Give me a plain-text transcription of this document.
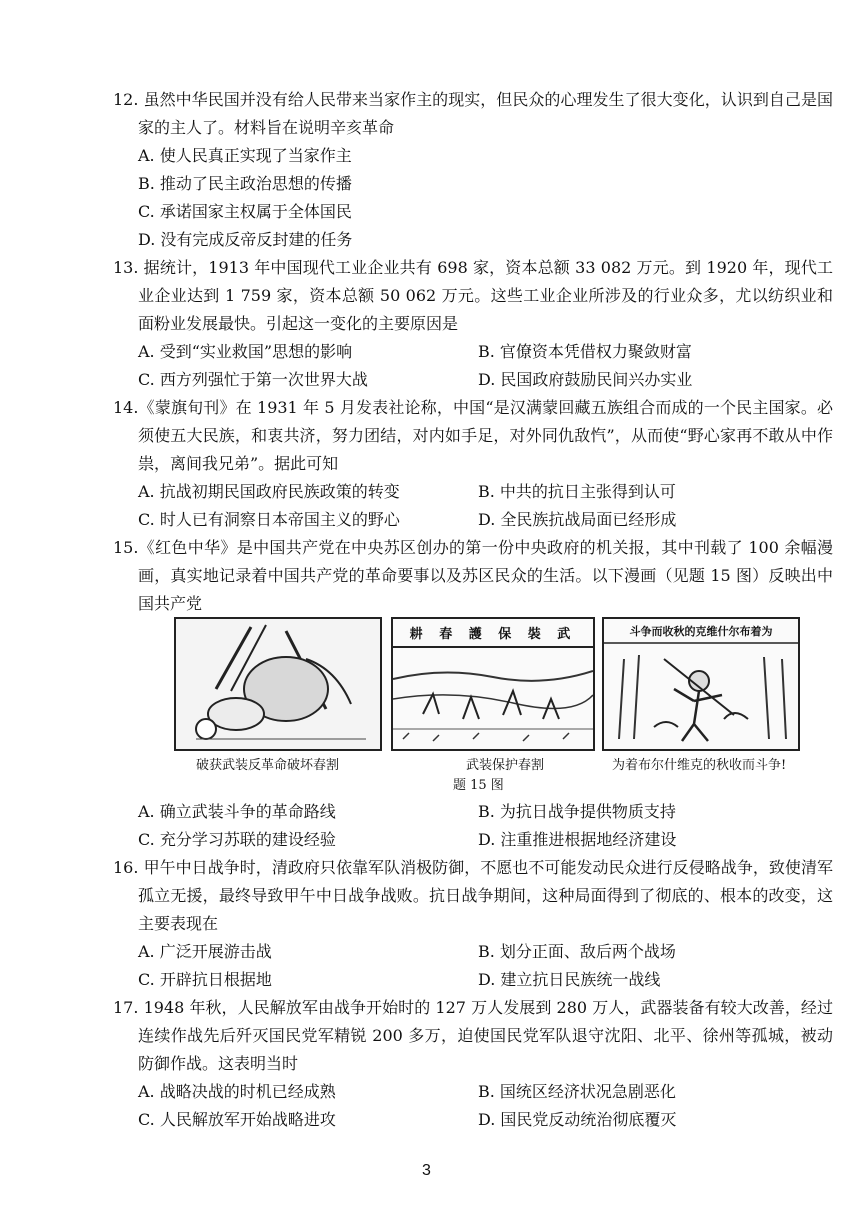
12. 虽然中华民国并没有给人民带来当家作主的现实，但民众的心理发生了很大变化，认识到自己是国家的主人了。材料旨在说明辛亥革命
A. 使人民真正实现了当家作主
B. 推动了民主政治思想的传播
C. 承诺国家主权属于全体国民
D. 没有完成反帝反封建的任务
13. 据统计，1913 年中国现代工业企业共有 698 家，资本总额 33 082 万元。到 1920 年，现代工业企业达到 1 759 家，资本总额 50 062 万元。这些工业企业所涉及的行业众多，尤以纺织业和面粉业发展最快。引起这一变化的主要原因是
A. 受到“实业救国”思想的影响	B. 官僚资本凭借权力聚敛财富
C. 西方列强忙于第一次世界大战	D. 民国政府鼓励民间兴办实业
14.《蒙旗旬刊》在 1931 年 5 月发表社论称，中国“是汉满蒙回藏五族组合而成的一个民主国家。必须使五大民族，和衷共济，努力团结，对内如手足，对外同仇敌忾”，从而使“野心家再不敢从中作祟，离间我兄弟”。据此可知
A. 抗战初期民国政府民族政策的转变	B. 中共的抗日主张得到认可
C. 时人已有洞察日本帝国主义的野心	D. 全民族抗战局面已经形成
15.《红色中华》是中国共产党在中央苏区创办的第一份中央政府的机关报，其中刊载了 100 余幅漫画，真实地记录着中国共产党的革命要事以及苏区民众的生活。以下漫画（见题 15 图）反映出中国共产党
耕 春 護 保 裝 武	斗争而收秋的克维什尔布着为
破获武装反革命破坏春割	武装保护春割	为着布尔什维克的秋收而斗争!
题 15 图
A. 确立武装斗争的革命路线	B. 为抗日战争提供物质支持
C. 充分学习苏联的建设经验	D. 注重推进根据地经济建设
16. 甲午中日战争时，清政府只依靠军队消极防御，不愿也不可能发动民众进行反侵略战争，致使清军孤立无援，最终导致甲午中日战争战败。抗日战争期间，这种局面得到了彻底的、根本的改变，这主要表现在
A. 广泛开展游击战	B. 划分正面、敌后两个战场
C. 开辟抗日根据地	D. 建立抗日民族统一战线
17. 1948 年秋，人民解放军由战争开始时的 127 万人发展到 280 万人，武器装备有较大改善，经过连续作战先后歼灭国民党军精锐 200 多万，迫使国民党军队退守沈阳、北平、徐州等孤城，被动防御作战。这表明当时
A. 战略决战的时机已经成熟	B. 国统区经济状况急剧恶化
C. 人民解放军开始战略进攻	D. 国民党反动统治彻底覆灭
3
